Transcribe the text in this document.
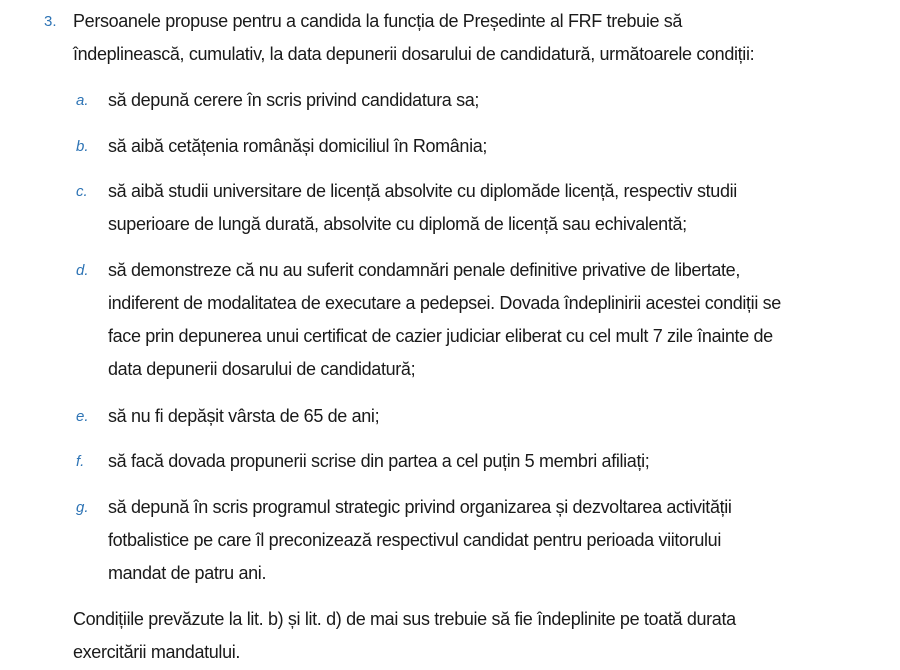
3. Persoanele propuse pentru a candida la funcția de Președinte al FRF trebuie să
îndeplinească, cumulativ, la data depunerii dosarului de candidatură, următoarele condiții:
a. să depună cerere în scris privind candidatura sa;
b. să aibă cetățenia românăși domiciliul în România;
c. să aibă studii universitare de licență absolvite cu diplomăde licență, respectiv studii
superioare de lungă durată, absolvite cu diplomă de licență sau echivalentă;
d. să demonstreze că nu au suferit condamnări penale definitive privative de libertate,
indiferent de modalitatea de executare a pedepsei. Dovada îndeplinirii acestei condiții se
face prin depunerea unui certificat de cazier judiciar eliberat cu cel mult 7 zile înainte de
data depunerii dosarului de candidatură;
e. să nu fi depășit vârsta de 65 de ani;
f. să facă dovada propunerii scrise din partea a cel puțin 5 membri afiliați;
g. să depună în scris programul strategic privind organizarea și dezvoltarea activității
fotbalistice pe care îl preconizează respectivul candidat pentru perioada viitorului
mandat de patru ani.
Condițiile prevăzute la lit. b) și lit. d) de mai sus trebuie să fie îndeplinite pe toată durata
exercitării mandatului.
